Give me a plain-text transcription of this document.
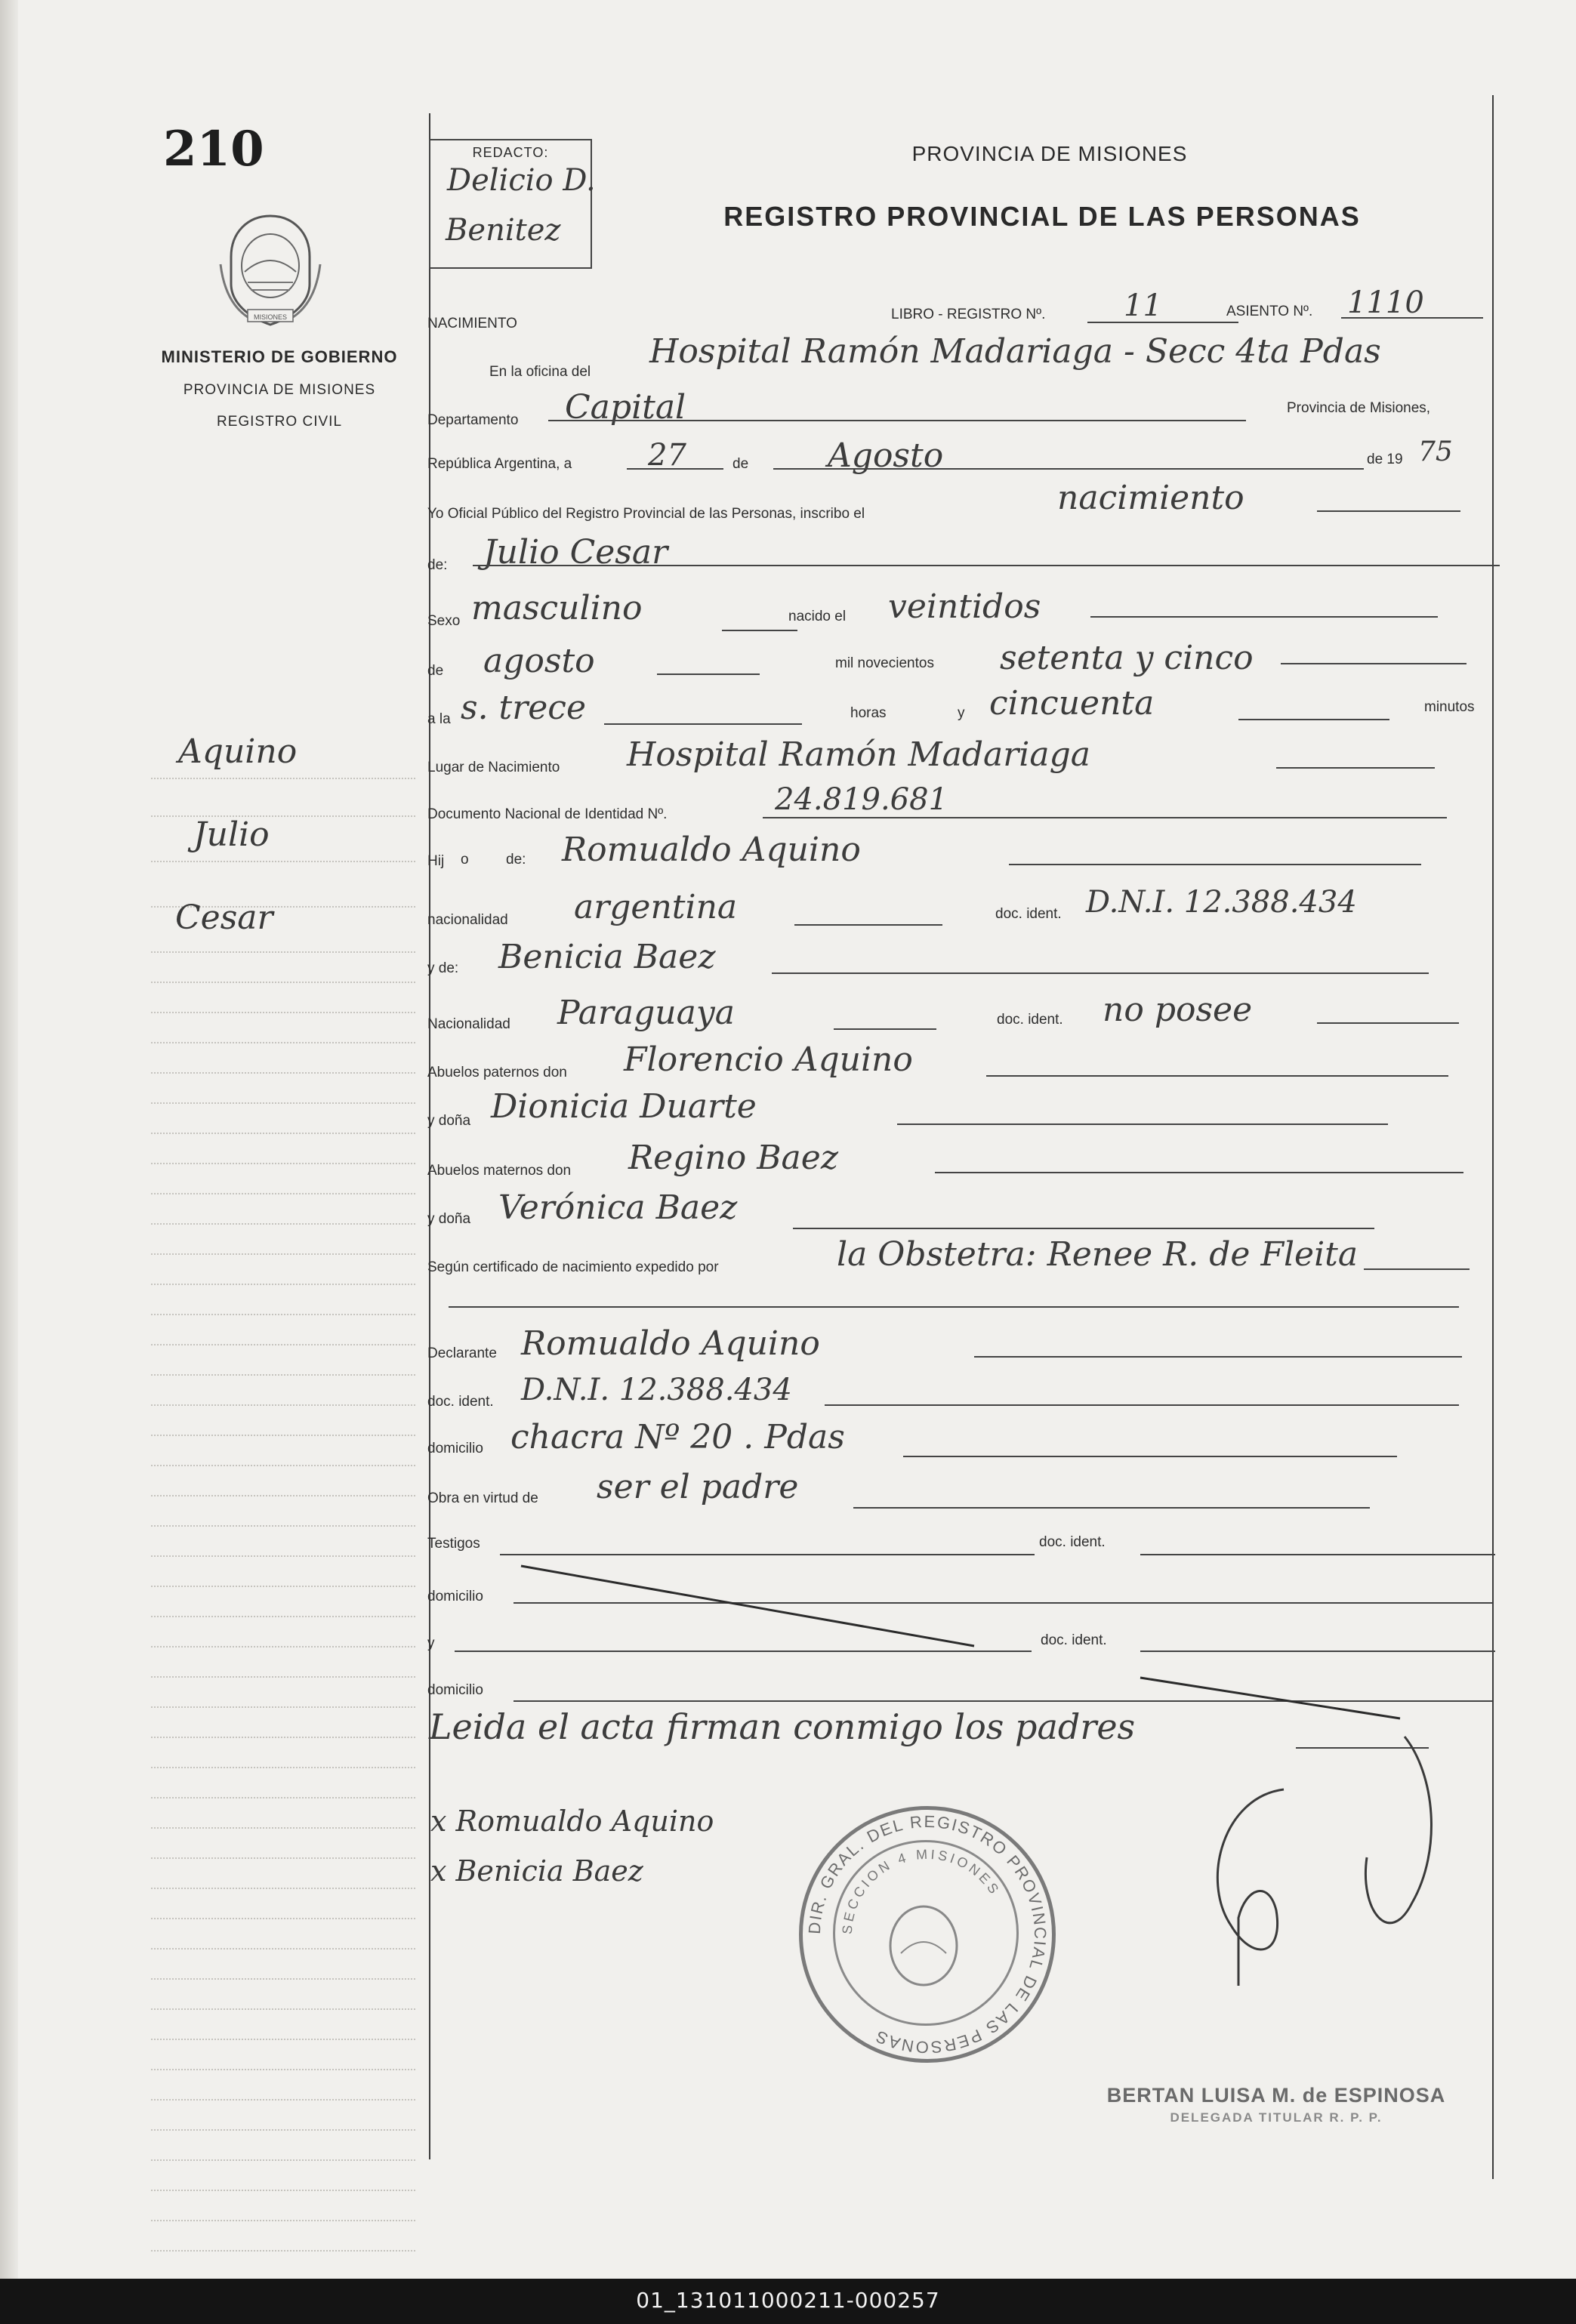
210
MISIONES
MINISTERIO DE GOBIERNO
PROVINCIA DE MISIONES
REGISTRO CIVIL
Aquino
Julio
Cesar
REDACTO:
Delicio D.
Benitez
PROVINCIA DE MISIONES
REGISTRO PROVINCIAL DE LAS PERSONAS
NACIMIENTO
LIBRO - REGISTRO Nº.	11	ASIENTO Nº. 1110
En la oficina del
Hospital Ramón Madariaga - Secc 4ta Pdas
Departamento Capital	Provincia de Misiones,
República Argentina, a	27	de Agosto	de 19 75
Yo Oficial Público del Registro Provincial de las Personas, inscribo el	nacimiento
de: Julio Cesar
Sexo masculino	nacido el veintidos
de agosto	mil novecientos setenta y cinco
a la s. trece	horas	y cincuenta	minutos
Lugar de Nacimiento Hospital Ramón Madariaga
Documento Nacional de Identidad Nº.	24.819.681
Hij o	de: Romualdo Aquino
nacionalidad argentina	doc. ident. D.N.I. 12.388.434
y de: Benicia Baez
Nacionalidad Paraguaya	doc. ident. no posee
Abuelos paternos don Florencio Aquino
y doña Dionicia Duarte
Abuelos maternos don Regino Baez
y doña Verónica Baez
Según certificado de nacimiento expedido por	la Obstetra: Renee R. de Fleita
Declarante Romualdo Aquino
doc. ident. D.N.I. 12.388.434
domicilio chacra Nº 20 . Pdas
Obra en virtud de ser el padre
Testigos	doc. ident.
domicilio
y	doc. ident.
domicilio
Leida el acta firman conmigo los padres
x Romualdo Aquino
x Benicia Baez
DIR. GRAL. DEL REGISTRO PROVINCIAL DE LAS PERSONAS
SECCION 4 MISIONES
BERTAN LUISA M. de ESPINOSA
DELEGADA TITULAR R. P. P.
01_131011000211-000257
